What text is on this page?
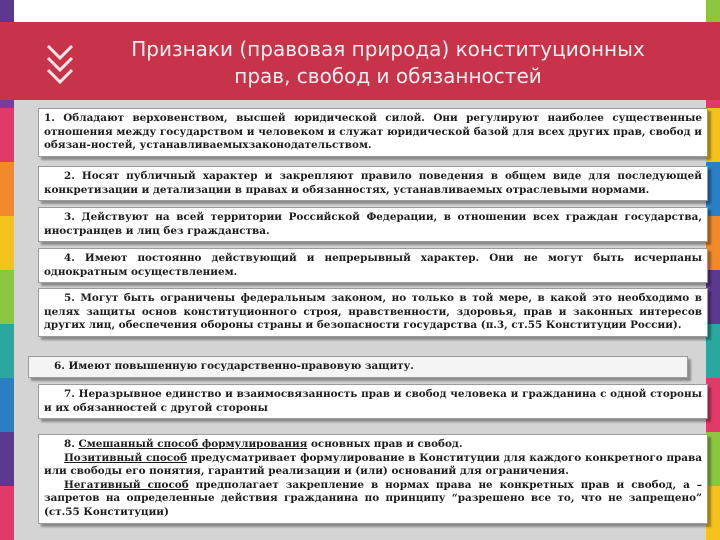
Признаки (правовая природа) конституционных
прав, свобод и обязанностей

1. Обладают верховенством, высшей юридической силой. Они регулируют наиболее существенные отношения между государством и человеком и служат юридической базой для всех других прав, свобод и обязан-ностей, устанавливаемыхзаконодательством.

2. Носят публичный характер и закрепляют правило поведения в общем виде для последующей конкретизации и детализации в правах и обязанностях, устанавливаемых отраслевыми нормами.

3. Действуют на всей территории Российской Федерации, в отношении всех граждан государства, иностранцев и лиц без гражданства.

4. Имеют постоянно действующий и непрерывный характер. Они не могут быть исчерпаны однократным осуществлением.

5. Могут быть ограничены федеральным законом, но только в той мере, в какой это необходимо в целях защиты основ конституционного строя, нравственности, здоровья, прав и законных интересов других лиц, обеспечения обороны страны и безопасности государства (п.3, ст.55 Конституции России).

6. Имеют повышенную государственно-правовую защиту.

7. Неразрывное единство и взаимосвязанность прав и свобод человека и гражданина с одной стороны и их обязанностей с другой стороны

8. Смешанный способ формулирования основных прав и свобод.

Позитивный способ предусматривает формулирование в Конституции для каждого конкретного права или свободы его понятия, гарантий реализации и (или) оснований для ограничения.

Негативный способ предполагает закрепление в нормах права не конкретных прав и свобод, а – запретов на определенные действия гражданина по принципу “разрешено все то, что не запрещено” (ст.55 Конституции)
